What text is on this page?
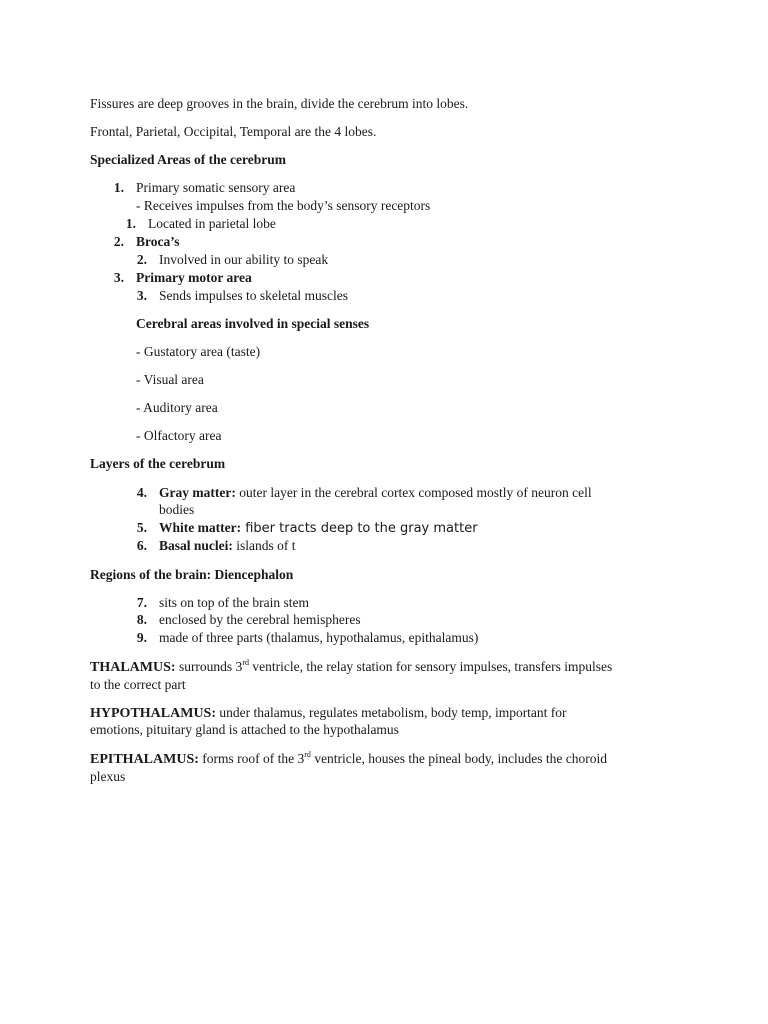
Fissures are deep grooves in the brain, divide the cerebrum into lobes.
Frontal, Parietal, Occipital, Temporal are the 4 lobes.
Specialized Areas of the cerebrum
1. Primary somatic sensory area
- Receives impulses from the body’s sensory receptors
1. Located in parietal lobe
2. Broca’s
2. Involved in our ability to speak
3. Primary motor area
3. Sends impulses to skeletal muscles
Cerebral areas involved in special senses
- Gustatory area (taste)
- Visual area
- Auditory area
- Olfactory area
Layers of the cerebrum
4. Gray matter: outer layer in the cerebral cortex composed mostly of neuron cell
bodies
5. White matter: fiber tracts deep to the gray matter
6. Basal nuclei: islands of t
Regions of the brain: Diencephalon
7. sits on top of the brain stem
8. enclosed by the cerebral hemispheres
9. made of three parts (thalamus, hypothalamus, epithalamus)
THALAMUS: surrounds 3rd ventricle, the relay station for sensory impulses, transfers impulses
to the correct part
HYPOTHALAMUS: under thalamus, regulates metabolism, body temp, important for
emotions, pituitary gland is attached to the hypothalamus
EPITHALAMUS: forms roof of the 3rd ventricle, houses the pineal body, includes the choroid
plexus
